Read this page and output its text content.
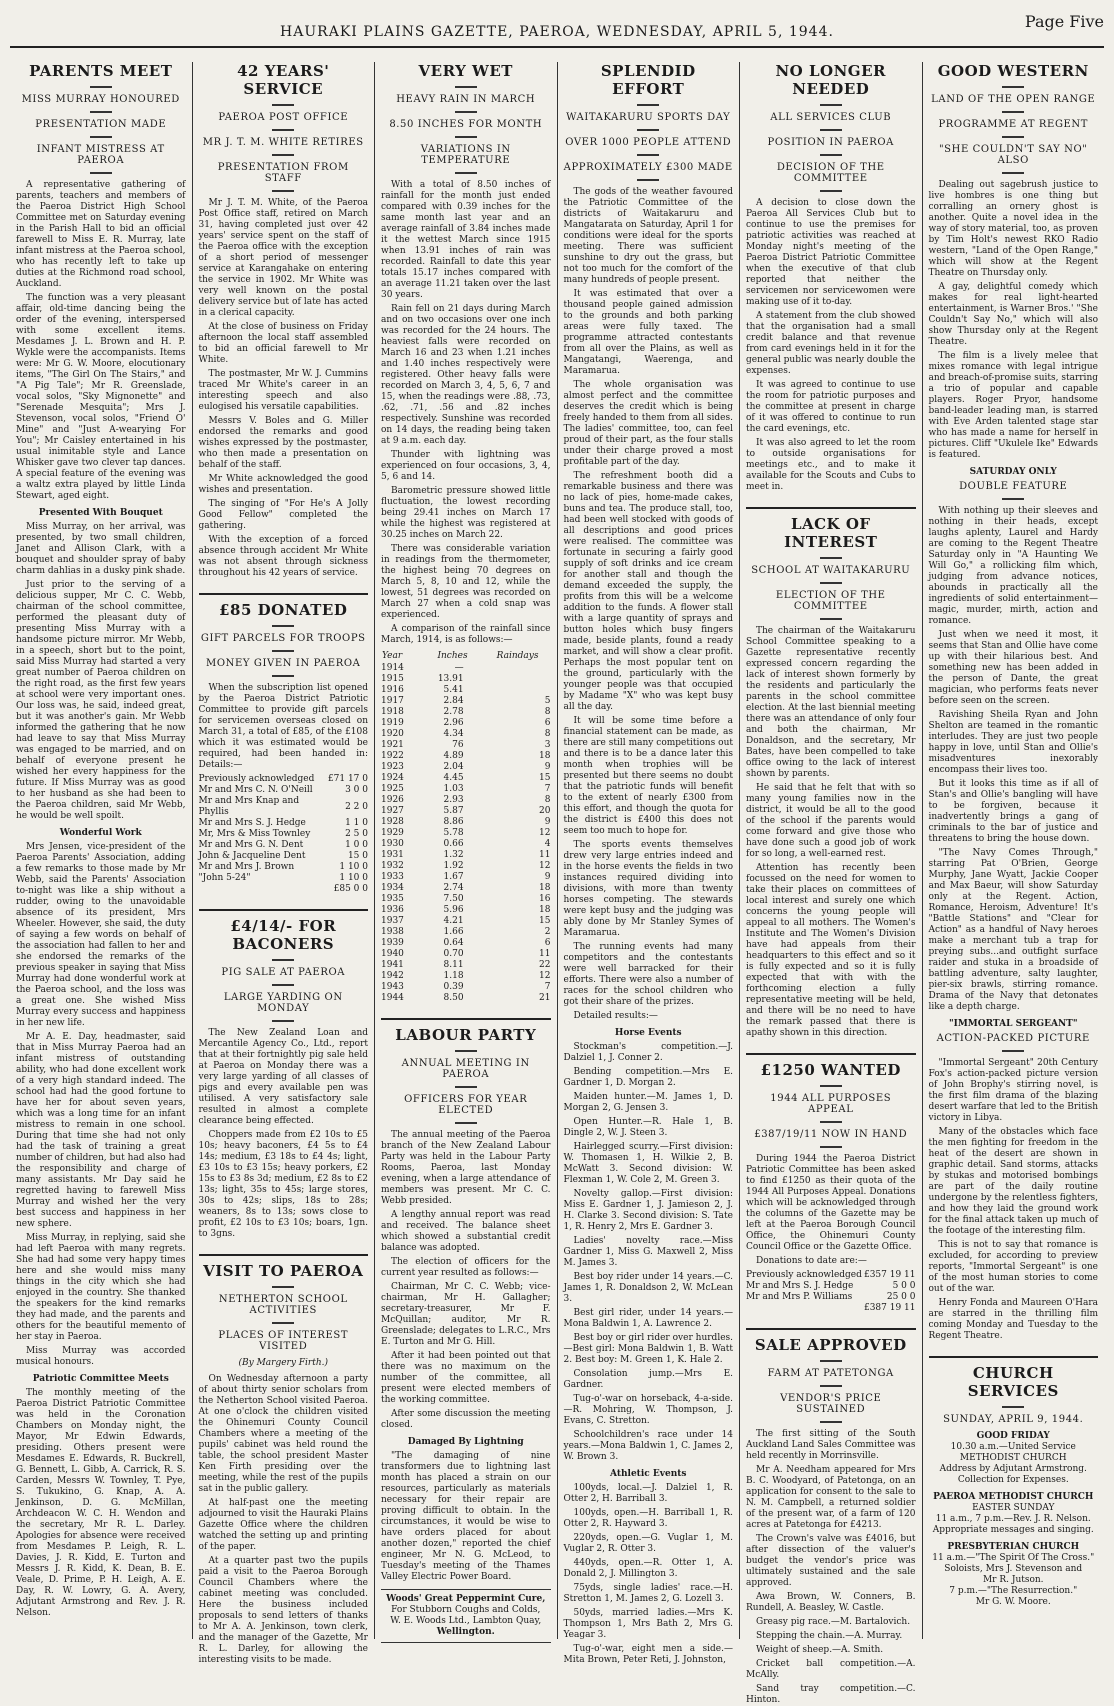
HAURAKI PLAINS GAZETTE, PAEROA, WEDNESDAY, APRIL 5, 1944.
Page Five
PARENTS MEET
MISS MURRAY HONOURED
PRESENTATION MADE
INFANT MISTRESS AT PAEROA

A representative gathering of parents, teachers and members of the Paeroa District High School Committee met on Saturday evening in the Parish Hall to bid an official farewell to Miss E. R. Murray, late infant mistress at the Paeroa school, who has recently left to take up duties at the Richmond road school, Auckland.

The function was a very pleasant affair, old-time dancing being the order of the evening, interspersed with some excellent items. Mesdames J. L. Brown and H. P. Wykle were the accompanists. Items were: Mr G. W. Moore, elocutionary items, "The Girl On The Stairs," and "A Pig Tale"; Mr R. Greenslade, vocal solos, "Sky Mignonette" and "Serenade Mesquita"; Mrs J. Stevenson, vocal solos, "Friend O' Mine" and "Just A-wearying For You"; Mr Caisley entertained in his usual inimitable style and Lance Whisker gave two clever tap dances. A special feature of the evening was a waltz extra played by little Linda Stewart, aged eight.

Presented With Bouquet

Miss Murray, on her arrival, was presented, by two small children, Janet and Allison Clark, with a bouquet and shoulder spray of baby charm dahlias in a dusky pink shade.

Just prior to the serving of a delicious supper, Mr C. C. Webb, chairman of the school committee, performed the pleasant duty of presenting Miss Murray with a handsome picture mirror. Mr Webb, in a speech, short but to the point, said Miss Murray had started a very great number of Paeroa children on the right road, as the first few years at school were very important ones. Our loss was, he said, indeed great, but it was another's gain. Mr Webb informed the gathering that he now had leave to say that Miss Murray was engaged to be married, and on behalf of everyone present he wished her every happiness for the future. If Miss Murray was as good to her husband as she had been to the Paeroa children, said Mr Webb, he would be well spoilt.

Wonderful Work

Mrs Jensen, vice-president of the Paeroa Parents' Association, adding a few remarks to those made by Mr Webb, said the Parents' Association to-night was like a ship without a rudder, owing to the unavoidable absence of its president, Mrs Wheeler. However, she said, the duty of saying a few words on behalf of the association had fallen to her and she endorsed the remarks of the previous speaker in saying that Miss Murray had done wonderful work at the Paeroa school, and the loss was a great one. She wished Miss Murray every success and happiness in her new life.

Mr A. E. Day, headmaster, said that in Miss Murray Paeroa had an infant mistress of outstanding ability, who had done excellent work of a very high standard indeed. The school had had the good fortune to have her for about seven years, which was a long time for an infant mistress to remain in one school. During that time she had not only had the task of training a great number of children, but had also had the responsibility and charge of many assistants. Mr Day said he regretted having to farewell Miss Murray and wished her the very best success and happiness in her new sphere.

Miss Murray, in replying, said she had left Paeroa with many regrets. She had had some very happy times here and she would miss many things in the city which she had enjoyed in the country. She thanked the speakers for the kind remarks they had made, and the parents and others for the beautiful memento of her stay in Paeroa.

Miss Murray was accorded musical honours.

Patriotic Committee Meets

The monthly meeting of the Paeroa District Patriotic Committee was held in the Coronation Chambers on Monday night, the Mayor, Mr Edwin Edwards, presiding. Others present were Mesdames E. Edwards, R. Buckrell, G. Bennett, L. Gibb, A. Carrick, R. S. Carden, Messrs W. Townley, T. Pye, S. Tukukino, G. Knap, A. A. Jenkinson, D. G. McMillan, Archdeacon W. C. H. Wendon and the secretary, Mr R. L. Darley. Apologies for absence were received from Mesdames P. Leigh, R. L. Davies, J. R. Kidd, E. Turton and Messrs J. R. Kidd, K. Dean, B. E. Veale, D. Prime, P. H. Leigh, A. E. Day, R. W. Lowry, G. A. Avery, Adjutant Armstrong and Rev. J. R. Nelson.

42 YEARS' SERVICE
PAEROA POST OFFICE
MR J. T. M. WHITE RETIRES
PRESENTATION FROM STAFF

Mr J. T. M. White, of the Paeroa Post Office staff, retired on March 31, having completed just over 42 years' service spent on the staff of the Paeroa office with the exception of a short period of messenger service at Karangahake on entering the service in 1902. Mr White was very well known on the postal delivery service but of late has acted in a clerical capacity.

At the close of business on Friday afternoon the local staff assembled to bid an official farewell to Mr White.

The postmaster, Mr W. J. Cummins traced Mr White's career in an interesting speech and also eulogised his versatile capabilities.

Messrs V. Boles and G. Miller endorsed the remarks and good wishes expressed by the postmaster, who then made a presentation on behalf of the staff.

Mr White acknowledged the good wishes and presentation.

The singing of "For He's A Jolly Good Fellow" completed the gathering.

With the exception of a forced absence through accident Mr White was not absent through sickness throughout his 42 years of service.

£85 DONATED
GIFT PARCELS FOR TROOPS
MONEY GIVEN IN PAEROA

When the subscription list opened by the Paeroa District Patriotic Committee to provide gift parcels for servicemen overseas closed on March 31, a total of £85, of the £108 which it was estimated would be required, had been handed in: Details:—

Previously acknowledged	£71 17 0
Mr and Mrs C. N. O'Neill	3 0 0
Mr and Mrs Knap and Phyllis	2 2 0
Mr and Mrs S. J. Hedge	1 1 0
Mr, Mrs & Miss Townley	2 5 0
Mr and Mrs G. N. Dent	1 0 0
John & Jacqueline Dent	15 0
Mr and Mrs J. Brown	1 10 0
"John 5-24"	1 10 0
	£85 0 0
£4/14/- FOR BACONERS
PIG SALE AT PAEROA
LARGE YARDING ON MONDAY

The New Zealand Loan and Mercantile Agency Co., Ltd., report that at their fortnightly pig sale held at Paeroa on Monday there was a very large yarding of all classes of pigs and every available pen was utilised. A very satisfactory sale resulted in almost a complete clearance being effected.

Choppers made from £2 10s to £5 10s; heavy baconers, £4 5s to £4 14s; medium, £3 18s to £4 4s; light, £3 10s to £3 15s; heavy porkers, £2 15s to £3 8s 3d; medium, £2 8s to £2 13s; light, 35s to 45s; large stores, 30s to 42s; slips, 18s to 28s; weaners, 8s to 13s; sows close to profit, £2 10s to £3 10s; boars, 1gn. to 3gns.

VISIT TO PAEROA
NETHERTON SCHOOL ACTIVITIES
PLACES OF INTEREST VISITED
(By Margery Firth.)

On Wednesday afternoon a party of about thirty senior scholars from the Netherton School visited Paeroa. At one o'clock the children visited the Ohinemuri County Council Chambers where a meeting of the pupils' cabinet was held round the table, the school president Master Ken Firth presiding over the meeting, while the rest of the pupils sat in the public gallery.

At half-past one the meeting adjourned to visit the Hauraki Plains Gazette Office where the children watched the setting up and printing of the paper.

At a quarter past two the pupils paid a visit to the Paeroa Borough Council Chambers where the cabinet meeting was concluded. Here the business included proposals to send letters of thanks to Mr A. A. Jenkinson, town clerk, and the manager of the Gazette, Mr R. L. Darley, for allowing the interesting visits to be made.

VERY WET
HEAVY RAIN IN MARCH
8.50 INCHES FOR MONTH
VARIATIONS IN TEMPERATURE

With a total of 8.50 inches of rainfall for the month just ended compared with 0.39 inches for the same month last year and an average rainfall of 3.84 inches made it the wettest March since 1915 when 13.91 inches of rain was recorded. Rainfall to date this year totals 15.17 inches compared with an average 11.21 taken over the last 30 years.

Rain fell on 21 days during March and on two occasions over one inch was recorded for the 24 hours. The heaviest falls were recorded on March 16 and 23 when 1.21 inches and 1.40 inches respectively were registered. Other heavy falls were recorded on March 3, 4, 5, 6, 7 and 15, when the readings were .88, .73, .62, .71, .56 and .82 inches respectively. Sunshine was recorded on 14 days, the reading being taken at 9 a.m. each day.

Thunder with lightning was experienced on four occasions, 3, 4, 5, 6 and 14.

Barometric pressure showed little fluctuation, the lowest recording being 29.41 inches on March 17 while the highest was registered at 30.25 inches on March 22.

There was considerable variation in readings from the thermometer, the highest being 70 degrees on March 5, 8, 10 and 12, while the lowest, 51 degrees was recorded on March 27 when a cold snap was experienced.

A comparison of the rainfall since March, 1914, is as follows:—

Year	Inches	Raindays
1914	—	
1915	13.91	
1916	5.41	
1917	2.84	5
1918	2.78	8
1919	2.96	6
1920	4.34	8
1921	76	3
1922	4.89	18
1923	2.04	9
1924	4.45	15
1925	1.03	7
1926	2.93	8
1927	5.87	20
1928	8.86	9
1929	5.78	12
1930	0.66	4
1931	1.32	11
1932	1.92	12
1933	1.67	9
1934	2.74	18
1935	7.50	16
1936	5.96	18
1937	4.21	15
1938	1.66	2
1939	0.64	6
1940	0.70	11
1941	8.11	22
1942	1.18	12
1943	0.39	7
1944	8.50	21
LABOUR PARTY
ANNUAL MEETING IN PAEROA
OFFICERS FOR YEAR ELECTED

The annual meeting of the Paeroa branch of the New Zealand Labour Party was held in the Labour Party Rooms, Paeroa, last Monday evening, when a large attendance of members was present. Mr C. C. Webb presided.

A lengthy annual report was read and received. The balance sheet which showed a substantial credit balance was adopted.

The election of officers for the current year resulted as follows:—

Chairman, Mr C. C. Webb; vice-chairman, Mr H. Gallagher; secretary-treasurer, Mr F. McQuillan; auditor, Mr R. Greenslade; delegates to L.R.C., Mrs E. Turton and Mr G. Hill.

After it had been pointed out that there was no maximum on the number of the committee, all present were elected members of the working committee.

After some discussion the meeting closed.

Damaged By Lightning

"The damaging of nine transformers due to lightning last month has placed a strain on our resources, particularly as materials necessary for their repair are proving difficult to obtain. In the circumstances, it would be wise to have orders placed for about another dozen," reported the chief engineer, Mr N. G. McLeod, to Tuesday's meeting of the Thames Valley Electric Power Board.

Woods' Great Peppermint Cure,
For Stubborn Coughs and Colds,
W. E. Woods Ltd., Lambton Quay,
Wellington.
SPLENDID EFFORT
WAITAKARURU SPORTS DAY
OVER 1000 PEOPLE ATTEND
APPROXIMATELY £300 MADE

The gods of the weather favoured the Patriotic Committee of the districts of Waitakaruru and Mangatarata on Saturday, April 1 for conditions were ideal for the sports meeting. There was sufficient sunshine to dry out the grass, but not too much for the comfort of the many hundreds of people present.

It was estimated that over a thousand people gained admission to the grounds and both parking areas were fully taxed. The programme attracted contestants from all over the Plains, as well as Mangatangi, Waerenga, and Maramarua.

The whole organisation was almost perfect and the committee deserves the credit which is being freely handed to them from all sides. The ladies' committee, too, can feel proud of their part, as the four stalls under their charge proved a most profitable part of the day.

The refreshment booth did a remarkable business and there was no lack of pies, home-made cakes, buns and tea. The produce stall, too, had been well stocked with goods of all descriptions and good prices were realised. The committee was fortunate in securing a fairly good supply of soft drinks and ice cream for another stall and though the demand exceeded the supply, the profits from this will be a welcome addition to the funds. A flower stall with a large quantity of sprays and button holes which busy fingers made, beside plants, found a ready market, and will show a clear profit. Perhaps the most popular tent on the ground, particularly with the younger people was that occupied by Madame "X" who was kept busy all the day.

It will be some time before a financial statement can be made, as there are still many competitions out and there is to be a dance later this month when trophies will be presented but there seems no doubt that the patriotic funds will benefit to the extent of nearly £300 from this effort, and though the quota for the district is £400 this does not seem too much to hope for.

The sports events themselves drew very large entries indeed and in the horse events the fields in two instances required dividing into divisions, with more than twenty horses competing. The stewards were kept busy and the judging was ably done by Mr Stanley Symes of Maramarua.

The running events had many competitors and the contestants were well barracked for their efforts. There were also a number of races for the school children who got their share of the prizes.

Detailed results:—

Horse Events

Stockman's competition.—J. Dalziel 1, J. Conner 2.

Bending competition.—Mrs E. Gardner 1, D. Morgan 2.

Maiden hunter.—M. James 1, D. Morgan 2, G. Jensen 3.

Open Hunter.—R. Hale 1, B. Dingle 2, W. J. Steen 3.

Hairlegged scurry.—First division: W. Thomasen 1, H. Wilkie 2, B. McWatt 3. Second division: W. Flexman 1, W. Cole 2, M. Green 3.

Novelty gallop.—First division: Miss E. Gardner 1, J. Jamieson 2, J. H. Clarke 3. Second division: S. Tate 1, R. Henry 2, Mrs E. Gardner 3.

Ladies' novelty race.—Miss Gardner 1, Miss G. Maxwell 2, Miss M. James 3.

Best boy rider under 14 years.—C. James 1, R. Donaldson 2, W. McLean 3.

Best girl rider, under 14 years.—Mona Baldwin 1, A. Lawrence 2.

Best boy or girl rider over hurdles.—Best girl: Mona Baldwin 1, B. Watt 2. Best boy: M. Green 1, K. Hale 2.

Consolation jump.—Mrs E. Gardner.

Tug-o'-war on horseback, 4-a-side.—R. Mohring, W. Thompson, J. Evans, C. Stretton.

Schoolchildren's race under 14 years.—Mona Baldwin 1, C. James 2, W. Brown 3.

Athletic Events

100yds, local.—J. Dalziel 1, R. Otter 2, H. Barriball 3.

100yds, open.—H. Barriball 1, R. Otter 2, R. Hayward 3.

220yds, open.—G. Vuglar 1, M. Vuglar 2, R. Otter 3.

440yds, open.—R. Otter 1, A. Donald 2, J. Millington 3.

75yds, single ladies' race.—H. Stretton 1, M. James 2, G. Lozell 3.

50yds, married ladies.—Mrs K. Thompson 1, Mrs Bath 2, Mrs G. Yeagar 3.

Tug-o'-war, eight men a side.—Mita Brown, Peter Reti, J. Johnston,

NO LONGER NEEDED
ALL SERVICES CLUB
POSITION IN PAEROA
DECISION OF THE COMMITTEE

A decision to close down the Paeroa All Services Club but to continue to use the premises for patriotic activities was reached at Monday night's meeting of the Paeroa District Patriotic Committee when the executive of that club reported that neither the servicemen nor servicewomen were making use of it to-day.

A statement from the club showed that the organisation had a small credit balance and that revenue from card evenings held in it for the general public was nearly double the expenses.

It was agreed to continue to use the room for patriotic purposes and the committee at present in charge of it was offered to continue to run the card evenings, etc.

It was also agreed to let the room to outside organisations for meetings etc., and to make it available for the Scouts and Cubs to meet in.

LACK OF INTEREST
SCHOOL AT WAITAKARURU
ELECTION OF THE COMMITTEE

The chairman of the Waitakaruru School Committee speaking to a Gazette representative recently expressed concern regarding the lack of interest shown formerly by the residents and particularly the parents in the school committee election. At the last biennial meeting there was an attendance of only four and both the chairman, Mr Donaldson, and the secretary, Mr Bates, have been compelled to take office owing to the lack of interest shown by parents.

He said that he felt that with so many young families now in the district, it would be all to the good of the school if the parents would come forward and give those who have done such a good job of work for so long, a well-earned rest.

Attention has recently been focussed on the need for women to take their places on committees of local interest and surely one which concerns the young people will appeal to all mothers. The Women's Institute and The Women's Division have had appeals from their headquarters to this effect and so it is fully expected and so it is fully expected that with with the forthcoming election a fully representative meeting will be held, and there will be no need to have the remark passed that there is apathy shown in this direction.

£1250 WANTED
1944 ALL PURPOSES APPEAL
£387/19/11 NOW IN HAND

During 1944 the Paeroa District Patriotic Committee has been asked to find £1250 as their quota of the 1944 All Purposes Appeal. Donations which will be acknowledged through the columns of the Gazette may be left at the Paeroa Borough Council Office, the Ohinemuri County Council Office or the Gazette Office.

Donations to date are:—

Previously acknowledged	£357 19 11
Mr and Mrs S. J. Hedge	5 0 0
Mr and Mrs P. Williams	25 0 0
	£387 19 11
SALE APPROVED
FARM AT PATETONGA
VENDOR'S PRICE SUSTAINED

The first sitting of the South Auckland Land Sales Committee was held recently in Morrinsville.

Mr A. Needham appeared for Mrs B. C. Woodyard, of Patetonga, on an application for consent to the sale to N. M. Campbell, a returned soldier of the present war, of a farm of 120 acres at Patetonga for £4213.

The Crown's valve was £4016, but after dissection of the valuer's budget the vendor's price was ultimately sustained and the sale approved.

Awa Brown, W. Conners, B. Rundell, A. Beasley, W. Castle.

Greasy pig race.—M. Bartalovich.

Stepping the chain.—A. Murray.

Weight of sheep.—A. Smith.

Cricket ball competition.—A. McAlly.

Sand tray competition.—C. Hinton.

GOOD WESTERN
LAND OF THE OPEN RANGE
PROGRAMME AT REGENT
"SHE COULDN'T SAY NO" ALSO

Dealing out sagebrush justice to live hombres is one thing but corralling an ornery ghost is another. Quite a novel idea in the way of story material, too, as proven by Tim Holt's newest RKO Radio western, "Land of the Open Range," which will show at the Regent Theatre on Thursday only.

A gay, delightful comedy which makes for real light-hearted entertainment, is Warner Bros.' "She Couldn't Say No," which will also show Thursday only at the Regent Theatre.

The film is a lively melee that mixes romance with legal intrigue and breach-of-promise suits, starring a trio of popular and capable players. Roger Pryor, handsome band-leader leading man, is starred with Eve Arden talented stage star who has made a name for herself in pictures. Cliff "Ukulele Ike" Edwards is featured.

SATURDAY ONLY
DOUBLE FEATURE

With nothing up their sleeves and nothing in their heads, except laughs aplenty, Laurel and Hardy are coming to the Regent Theatre Saturday only in "A Haunting We Will Go," a rollicking film which, judging from advance notices, abounds in practically all the ingredients of solid entertainment—magic, murder, mirth, action and romance.

Just when we need it most, it seems that Stan and Ollie have come up with their hilarious best. And something new has been added in the person of Dante, the great magician, who performs feats never before seen on the screen.

Ravishing Sheila Ryan and John Shelton are teamed in the romantic interludes. They are just two people happy in love, until Stan and Ollie's misadventures inexorably encompass their lives too.

But it looks this time as if all of Stan's and Ollie's bangling will have to be forgiven, because it inadvertently brings a gang of criminals to the bar of justice and threatens to bring the house down.

"The Navy Comes Through," starring Pat O'Brien, George Murphy, Jane Wyatt, Jackie Cooper and Max Baeur, will show Saturday only at the Regent. Action, Romance, Heroism, Adventure! It's "Battle Stations" and "Clear for Action" as a handful of Navy heroes make a merchant tub a trap for preying subs...and outfight surface raider and stuka in a broadside of battling adventure, salty laughter, pier-six brawls, stirring romance. Drama of the Navy that detonates like a depth charge.

"IMMORTAL SERGEANT"
ACTION-PACKED PICTURE

"Immortal Sergeant" 20th Century Fox's action-packed picture version of John Brophy's stirring novel, is the first film drama of the blazing desert warfare that led to the British victory in Libya.

Many of the obstacles which face the men fighting for freedom in the heat of the desert are shown in graphic detail. Sand storms, attacks by stukas and motorised bombings are part of the daily routine undergone by the relentless fighters, and how they laid the ground work for the final attack taken up much of the footage of the interesting film.

This is not to say that romance is excluded, for according to preview reports, "Immortal Sergeant" is one of the most human stories to come out of the war.

Henry Fonda and Maureen O'Hara are starred in the thrilling film coming Monday and Tuesday to the Regent Theatre.

CHURCH SERVICES
SUNDAY, APRIL 9, 1944.
GOOD FRIDAY
10.30 a.m.—United Service
METHODIST CHURCH
Address by Adjutant Armstrong.
Collection for Expenses.
PAEROA METHODIST CHURCH
EASTER SUNDAY
11 a.m., 7 p.m.—Rev. J. R. Nelson.
Appropriate messages and singing.
PRESBYTERIAN CHURCH
11 a.m.—"The Spirit Of The Cross."
Soloists, Mrs J. Stevenson and
Mr R. Jutson.
7 p.m.—"The Resurrection."
Mr G. W. Moore.
